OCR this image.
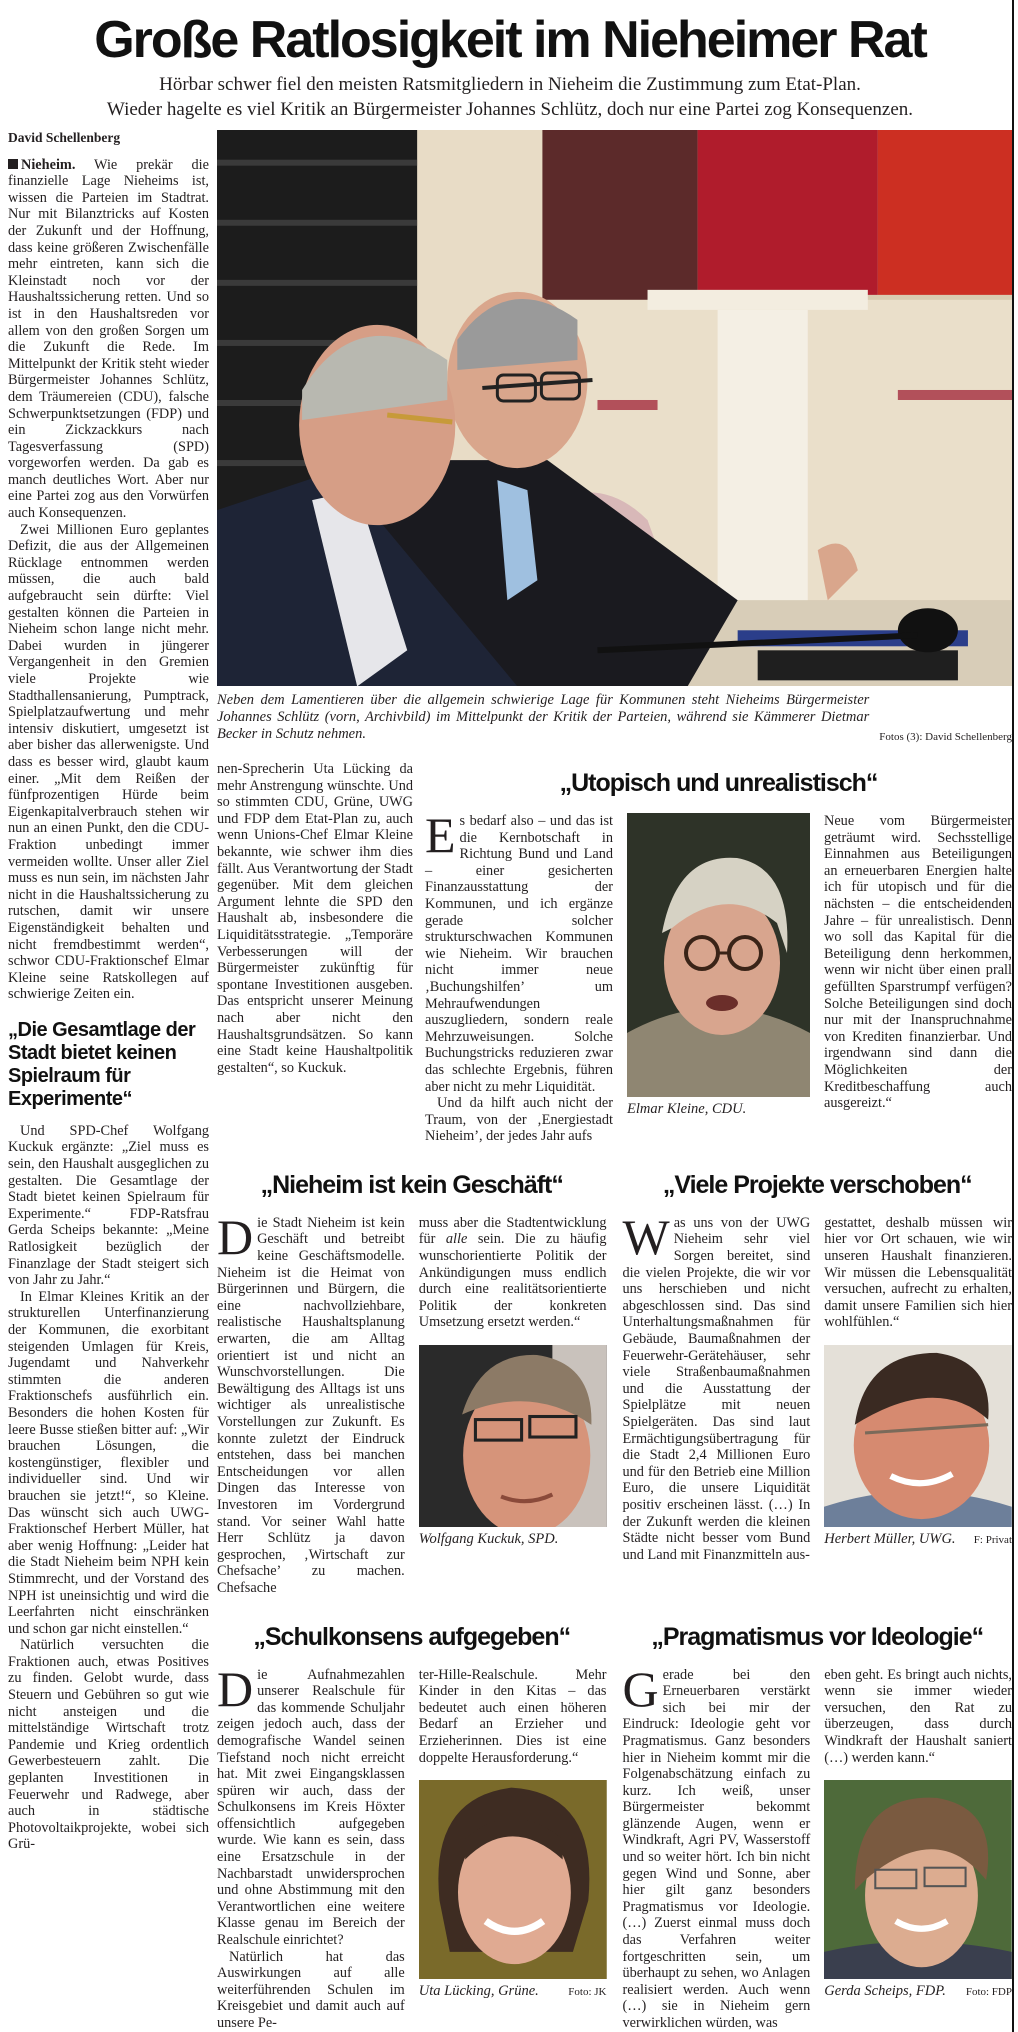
Große Ratlosigkeit im Nieheimer Rat
Hörbar schwer fiel den meisten Ratsmitgliedern in Nieheim die Zustimmung zum Etat-Plan.
Wieder hagelte es viel Kritik an Bürgermeister Johannes Schlütz, doch nur eine Partei zog Konsequenzen.
David Schellenberg

Nieheim. Wie prekär die finanzielle Lage Nieheims ist, wissen die Parteien im Stadtrat. Nur mit Bilanztricks auf Kosten der Zukunft und der Hoffnung, dass keine größeren Zwischenfälle mehr eintreten, kann sich die Kleinstadt noch vor der Haushaltssicherung retten. Und so ist in den Haushaltsreden vor allem von den großen Sorgen um die Zukunft die Rede. Im Mittelpunkt der Kritik steht wieder Bürgermeister Johannes Schlütz, dem Träumereien (CDU), falsche Schwerpunktsetzungen (FDP) und ein Zickzackkurs nach Tagesverfassung (SPD) vorgeworfen werden. Da gab es manch deutliches Wort. Aber nur eine Partei zog aus den Vorwürfen auch Konsequenzen.

Zwei Millionen Euro geplantes Defizit, die aus der Allgemeinen Rücklage entnommen werden müssen, die auch bald aufgebraucht sein dürfte: Viel gestalten können die Parteien in Nieheim schon lange nicht mehr. Dabei wurden in jüngerer Vergangenheit in den Gremien viele Projekte wie Stadthallensanierung, Pumptrack, Spielplatzaufwertung und mehr intensiv diskutiert, umgesetzt ist aber bisher das allerwenigste. Und dass es besser wird, glaubt kaum einer. „Mit dem Reißen der fünfprozentigen Hürde beim Eigenkapitalverbrauch stehen wir nun an einen Punkt, den die CDU-Fraktion unbedingt immer vermeiden wollte. Unser aller Ziel muss es nun sein, im nächsten Jahr nicht in die Haushaltssicherung zu rutschen, damit wir unsere Eigenständigkeit behalten und nicht fremdbestimmt werden“, schwor CDU-Fraktionschef Elmar Kleine seine Ratskollegen auf schwierige Zeiten ein.

„Die Gesamtlage der Stadt bietet keinen Spielraum für Experimente“

Und SPD-Chef Wolfgang Kuckuk ergänzte: „Ziel muss es sein, den Haushalt ausgeglichen zu gestalten. Die Gesamtlage der Stadt bietet keinen Spielraum für Experimente.“ FDP-Ratsfrau Gerda Scheips bekannte: „Meine Ratlosigkeit bezüglich der Finanzlage der Stadt steigert sich von Jahr zu Jahr.“

In Elmar Kleines Kritik an der strukturellen Unterfinanzierung der Kommunen, die exorbitant steigenden Umlagen für Kreis, Jugendamt und Nahverkehr stimmten die anderen Fraktionschefs ausführlich ein. Besonders die hohen Kosten für leere Busse stießen bitter auf: „Wir brauchen Lösungen, die kostengünstiger, flexibler und individueller sind. Und wir brauchen sie jetzt!“, so Kleine. Das wünscht sich auch UWG-Fraktionschef Herbert Müller, hat aber wenig Hoffnung: „Leider hat die Stadt Nieheim beim NPH kein Stimmrecht, und der Vorstand des NPH ist uneinsichtig und wird die Leerfahrten nicht einschränken und schon gar nicht einstellen.“

Natürlich versuchten die Fraktionen auch, etwas Positives zu finden. Gelobt wurde, dass Steuern und Gebühren so gut wie nicht ansteigen und die mittelständige Wirtschaft trotz Pandemie und Krieg ordentlich Gewerbesteuern zahlt. Die geplanten Investitionen in Feuerwehr und Radwege, aber auch in städtische Photovoltaikprojekte, wobei sich Grü-

Neben dem Lamentieren über die allgemein schwierige Lage für Kommunen steht Nieheims Bürgermeister Johannes Schlütz (vorn, Archivbild) im Mittelpunkt der Kritik der Parteien, während sie Kämmerer Dietmar Becker in Schutz nehmen.	Fotos (3): David Schellenberg

nen-Sprecherin Uta Lücking da mehr Anstrengung wünschte. Und so stimmten CDU, Grüne, UWG und FDP dem Etat-Plan zu, auch wenn Unions-Chef Elmar Kleine bekannte, wie schwer ihm dies fällt. Aus Verantwortung der Stadt gegenüber. Mit dem gleichen Argument lehnte die SPD den Haushalt ab, insbesondere die Liquiditätsstrategie. „Temporäre Verbesserungen will der Bürgermeister zukünftig für spontane Investitionen ausgeben. Das entspricht unserer Meinung nach aber nicht den Haushaltsgrundsätzen. So kann eine Stadt keine Haushaltpolitik gestalten“, so Kuckuk.

„Utopisch und unrealistisch“

Es bedarf also – und das ist die Kernbotschaft in Richtung Bund und Land – einer gesicherten Finanzausstattung der Kommunen, und ich ergänze gerade solcher strukturschwachen Kommunen wie Nieheim. Wir brauchen nicht immer neue ‚Buchungshilfen’ um Mehraufwendungen auszugliedern, sondern reale Mehrzuweisungen. Solche Buchungstricks reduzieren zwar das schlechte Ergebnis, führen aber nicht zu mehr Liquidität.

Und da hilft auch nicht der Traum, von der ‚Energiestadt Nieheim’, der jedes Jahr aufs

Elmar Kleine, CDU.

Neue vom Bürgermeister geträumt wird. Sechsstellige Einnahmen aus Beteiligungen an erneuerbaren Energien halte ich für utopisch und für die nächsten – die entscheidenden Jahre – für unrealistisch. Denn wo soll das Kapital für die Beteiligung denn herkommen, wenn wir nicht über einen prall gefüllten Sparstrumpf verfügen? Solche Beteiligungen sind doch nur mit der Inanspruchnahme von Krediten finanzierbar. Und irgendwann sind dann die Möglichkeiten der Kreditbeschaffung auch ausgereizt.“

„Nieheim ist kein Geschäft“

Die Stadt Nieheim ist kein Geschäft und betreibt keine Geschäftsmodelle. Nieheim ist die Heimat von Bürgerinnen und Bürgern, die eine nachvollziehbare, realistische Haushaltsplanung erwarten, die am Alltag orientiert ist und nicht an Wunschvorstellungen. Die Bewältigung des Alltags ist uns wichtiger als unrealistische Vorstellungen zur Zukunft. Es konnte zuletzt der Eindruck entstehen, dass bei manchen Entscheidungen vor allen Dingen das Interesse von Investoren im Vordergrund stand. Vor seiner Wahl hatte Herr Schlütz ja davon gesprochen, ‚Wirtschaft zur Chefsache’ zu machen. Chefsache

muss aber die Stadtentwicklung für alle sein. Die zu häufig wunschorientierte Politik der Ankündigungen muss endlich durch eine realitätsorientierte Politik der konkreten Umsetzung ersetzt werden.“

Wolfgang Kuckuk, SPD.
„Viele Projekte verschoben“

Was uns von der UWG Nieheim sehr viel Sorgen bereitet, sind die vielen Projekte, die wir vor uns herschieben und nicht abgeschlossen sind. Das sind Unterhaltungsmaßnahmen für Gebäude, Baumaßnahmen der Feuerwehr-Gerätehäuser, sehr viele Straßenbaumaßnahmen und die Ausstattung der Spielplätze mit neuen Spielgeräten. Das sind laut Ermächtigungsübertragung für die Stadt 2,4 Millionen Euro und für den Betrieb eine Million Euro, die unsere Liquidität positiv erscheinen lässt. (…) In der Zukunft werden die kleinen Städte nicht besser vom Bund und Land mit Finanzmitteln aus-

gestattet, deshalb müssen wir hier vor Ort schauen, wie wir unseren Haushalt finanzieren. Wir müssen die Lebensqualität versuchen, aufrecht zu erhalten, damit unsere Familien sich hier wohlfühlen.“

Herbert Müller, UWG. F: Privat
„Schulkonsens aufgegeben“

Die Aufnahmezahlen unserer Realschule für das kommende Schuljahr zeigen jedoch auch, dass der demografische Wandel seinen Tiefstand noch nicht erreicht hat. Mit zwei Eingangsklassen spüren wir auch, dass der Schulkonsens im Kreis Höxter offensichtlich aufgegeben wurde. Wie kann es sein, dass eine Ersatzschule in der Nachbarstadt unwidersprochen und ohne Abstimmung mit den Verantwortlichen eine weitere Klasse genau im Bereich der Realschule einrichtet?

Natürlich hat das Auswirkungen auf alle weiterführenden Schulen im Kreisgebiet und damit auch auf unsere Pe-

ter-Hille-Realschule. Mehr Kinder in den Kitas – das bedeutet auch einen höheren Bedarf an Erzieher und Erzieherinnen. Dies ist eine doppelte Herausforderung.“

Uta Lücking, Grüne.	Foto: JK
„Pragmatismus vor Ideologie“

Gerade bei den Erneuerbaren verstärkt sich bei mir der Eindruck: Ideologie geht vor Pragmatismus. Ganz besonders hier in Nieheim kommt mir die Folgenabschätzung einfach zu kurz. Ich weiß, unser Bürgermeister bekommt glänzende Augen, wenn er Windkraft, Agri PV, Wasserstoff und so weiter hört. Ich bin nicht gegen Wind und Sonne, aber hier gilt ganz besonders Pragmatismus vor Ideologie. (…) Zuerst einmal muss doch das Verfahren weiter fortgeschritten sein, um überhaupt zu sehen, wo Anlagen realisiert werden. Auch wenn (…) sie in Nieheim gern verwirklichen würden, was

eben geht. Es bringt auch nichts, wenn sie immer wieder versuchen, den Rat zu überzeugen, dass durch Windkraft der Haushalt saniert (…) werden kann.“

Gerda Scheips, FDP. Foto: FDP
